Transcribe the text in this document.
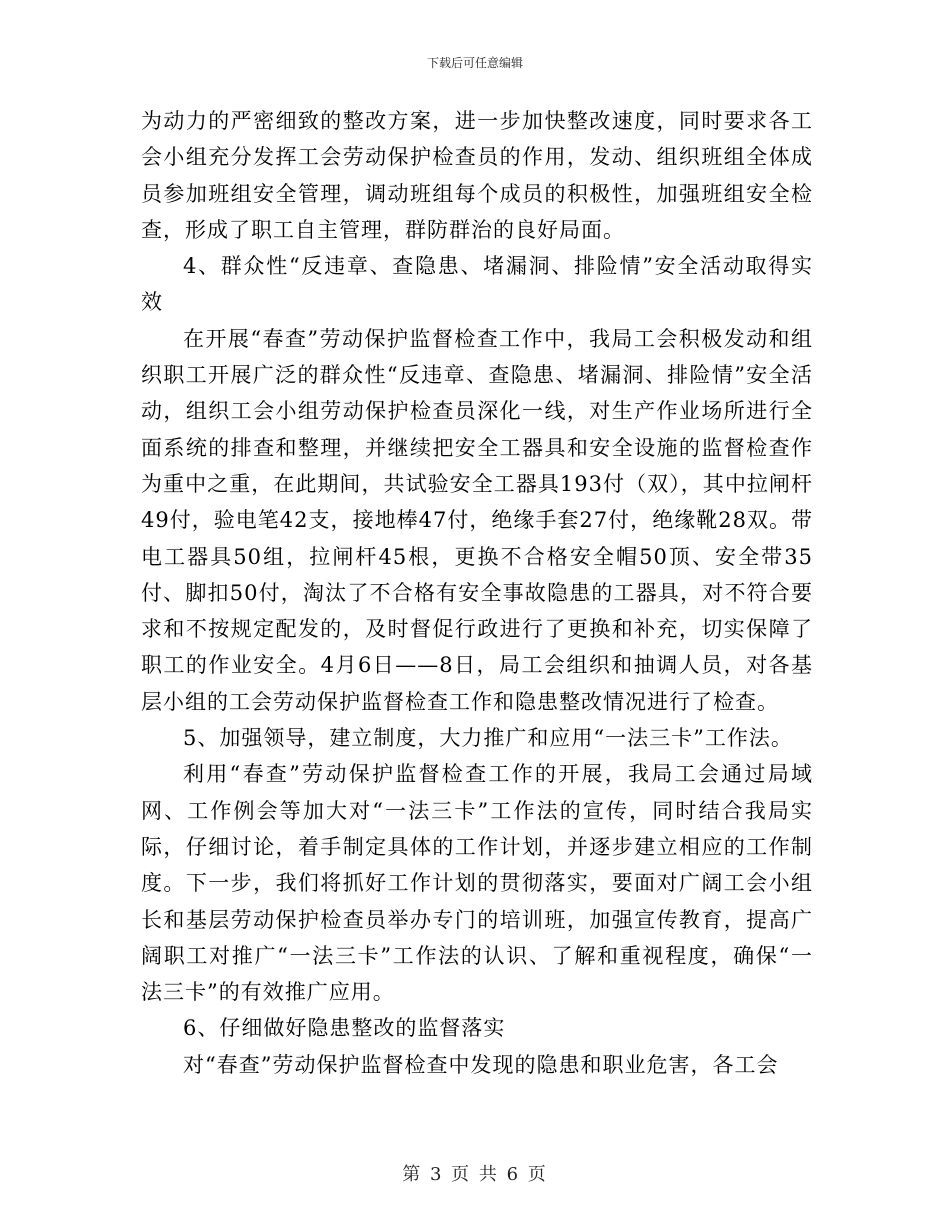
下载后可任意编辑

为动力的严密细致的整改方案，进一步加快整改速度，同时要求各工会小组充分发挥工会劳动保护检查员的作用，发动、组织班组全体成员参加班组安全管理，调动班组每个成员的积极性，加强班组安全检查，形成了职工自主管理，群防群治的良好局面。

4、群众性“反违章、查隐患、堵漏洞、排险情”安全活动取得实效

在开展“春查”劳动保护监督检查工作中，我局工会积极发动和组织职工开展广泛的群众性“反违章、查隐患、堵漏洞、排险情”安全活动，组织工会小组劳动保护检查员深化一线，对生产作业场所进行全面系统的排查和整理，并继续把安全工器具和安全设施的监督检查作为重中之重，在此期间，共试验安全工器具193付（双），其中拉闸杆49付，验电笔42支，接地棒47付，绝缘手套27付，绝缘靴28双。带电工器具50组，拉闸杆45根，更换不合格安全帽50顶、安全带35付、脚扣50付，淘汰了不合格有安全事故隐患的工器具，对不符合要求和不按规定配发的，及时督促行政进行了更换和补充，切实保障了职工的作业安全。4月6日——8日，局工会组织和抽调人员，对各基层小组的工会劳动保护监督检查工作和隐患整改情况进行了检查。

5、加强领导，建立制度，大力推广和应用“一法三卡”工作法。

利用“春查”劳动保护监督检查工作的开展，我局工会通过局域网、工作例会等加大对“一法三卡”工作法的宣传，同时结合我局实际，仔细讨论，着手制定具体的工作计划，并逐步建立相应的工作制度。下一步，我们将抓好工作计划的贯彻落实，要面对广阔工会小组长和基层劳动保护检查员举办专门的培训班，加强宣传教育，提高广阔职工对推广“一法三卡”工作法的认识、了解和重视程度，确保“一法三卡”的有效推广应用。

6、仔细做好隐患整改的监督落实

对“春查”劳动保护监督检查中发现的隐患和职业危害，各工会

第 3 页 共 6 页
